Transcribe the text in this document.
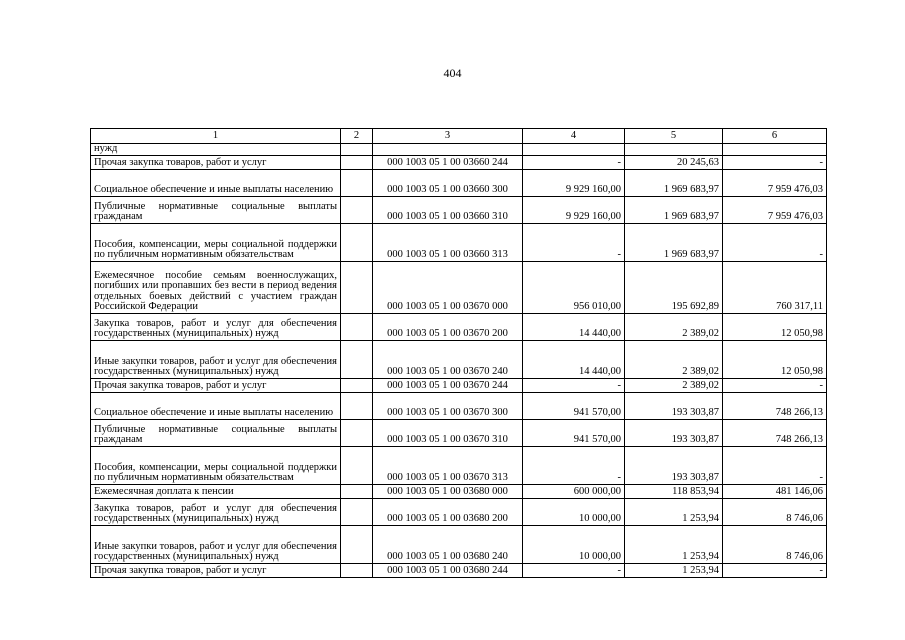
404
1	2	3	4	5	6
нужд					
Прочая закупка товаров, работ и услуг		000 1003 05 1 00 03660 244	-	20 245,63	-
Социальное обеспечение и иные выплаты населению		000 1003 05 1 00 03660 300	9 929 160,00	1 969 683,97	7 959 476,03
Публичные нормативные социальные выплаты гражданам		000 1003 05 1 00 03660 310	9 929 160,00	1 969 683,97	7 959 476,03
Пособия, компенсации, меры социальной поддержки по публичным нормативным обязательствам		000 1003 05 1 00 03660 313	-	1 969 683,97	-
Ежемесячное пособие семьям военнослужащих, погибших или пропавших без вести в период ведения отдельных боевых действий с участием граждан Российской Федерации		000 1003 05 1 00 03670 000	956 010,00	195 692,89	760 317,11
Закупка товаров, работ и услуг для обеспечения государственных (муниципальных) нужд		000 1003 05 1 00 03670 200	14 440,00	2 389,02	12 050,98
Иные закупки товаров, работ и услуг для обеспечения государственных (муниципальных) нужд		000 1003 05 1 00 03670 240	14 440,00	2 389,02	12 050,98
Прочая закупка товаров, работ и услуг		000 1003 05 1 00 03670 244	-	2 389,02	-
Социальное обеспечение и иные выплаты населению		000 1003 05 1 00 03670 300	941 570,00	193 303,87	748 266,13
Публичные нормативные социальные выплаты гражданам		000 1003 05 1 00 03670 310	941 570,00	193 303,87	748 266,13
Пособия, компенсации, меры социальной поддержки по публичным нормативным обязательствам		000 1003 05 1 00 03670 313	-	193 303,87	-
Ежемесячная доплата к пенсии		000 1003 05 1 00 03680 000	600 000,00	118 853,94	481 146,06
Закупка товаров, работ и услуг для обеспечения государственных (муниципальных) нужд		000 1003 05 1 00 03680 200	10 000,00	1 253,94	8 746,06
Иные закупки товаров, работ и услуг для обеспечения государственных (муниципальных) нужд		000 1003 05 1 00 03680 240	10 000,00	1 253,94	8 746,06
Прочая закупка товаров, работ и услуг		000 1003 05 1 00 03680 244	-	1 253,94	-
